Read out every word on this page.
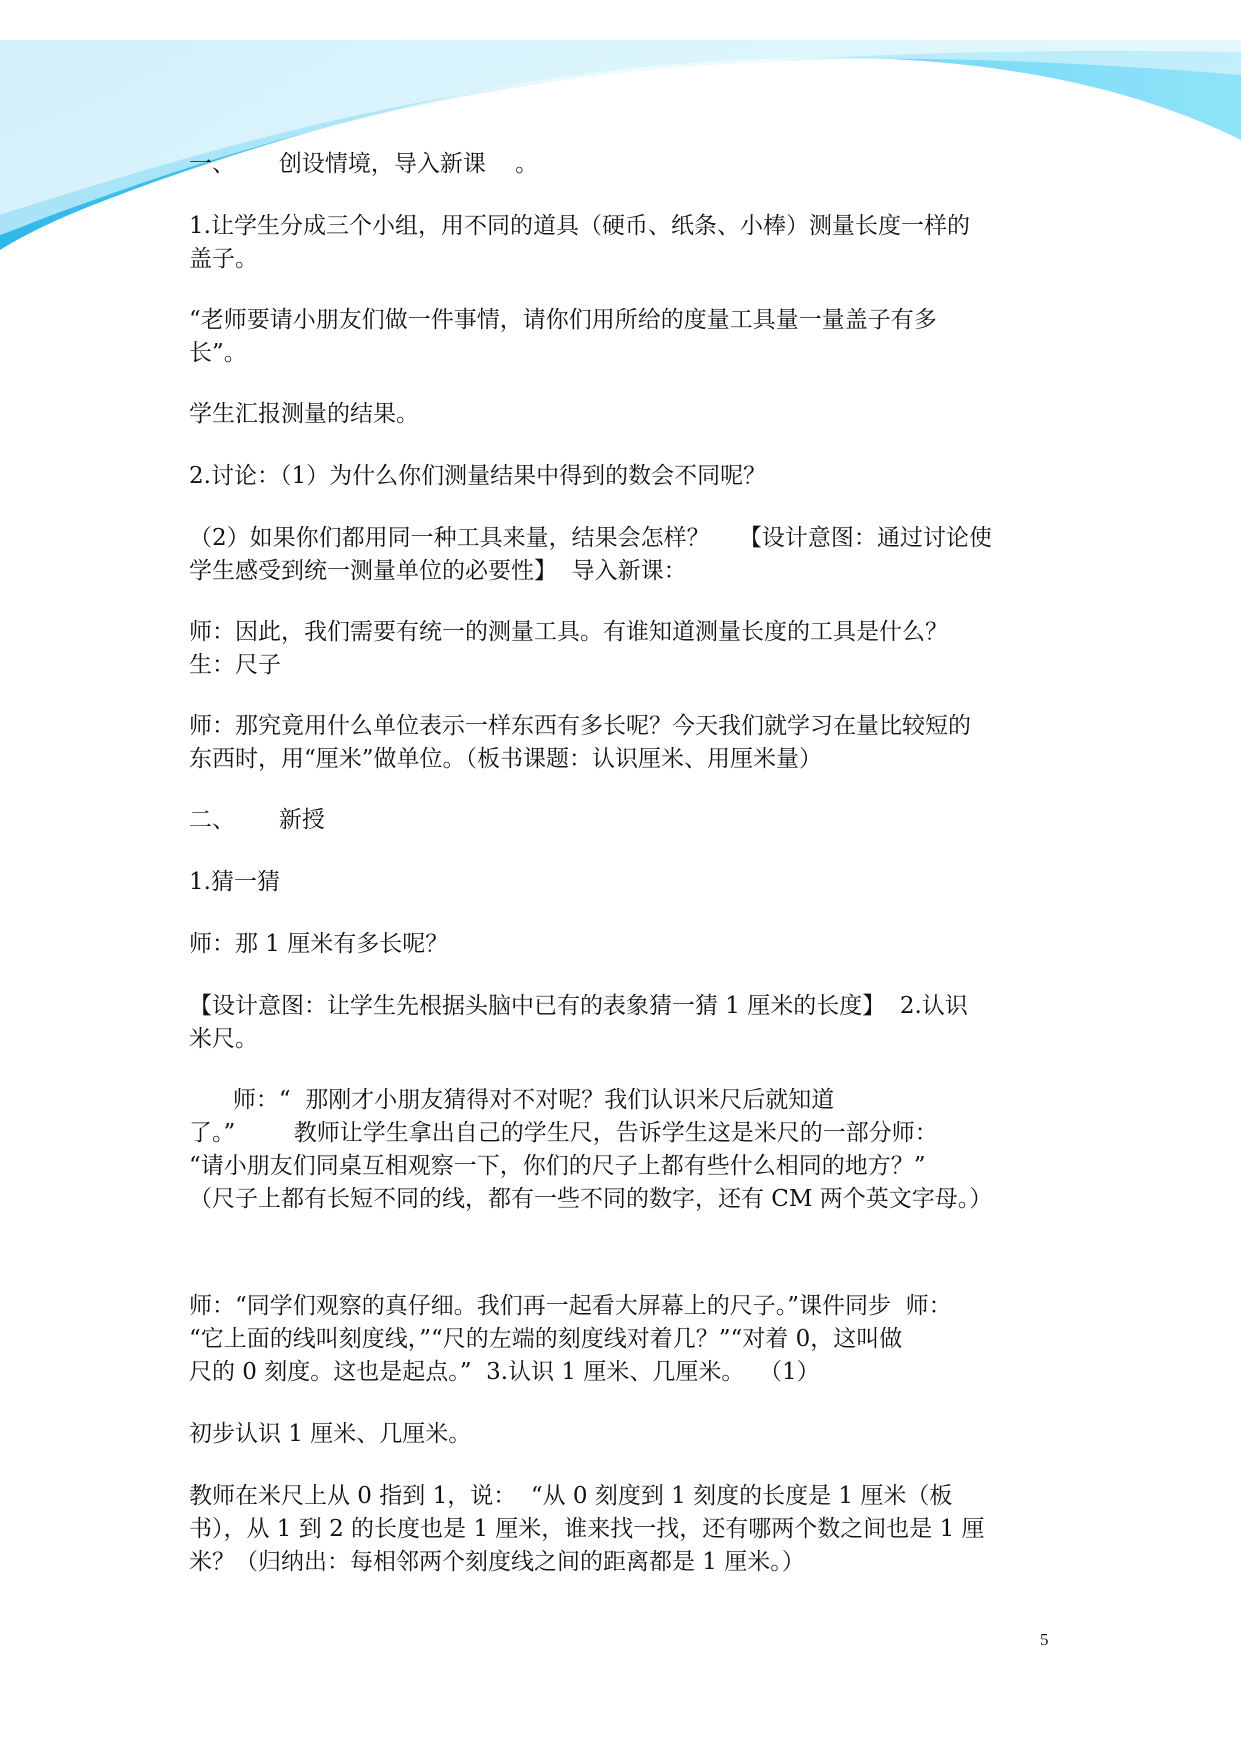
一、      创设情境，导入新课    。

1.让学生分成三个小组，用不同的道具（硬币、纸条、小棒）测量长度一样的
盖子。

“老师要请小朋友们做一件事情，请你们用所给的度量工具量一量盖子有多
长”。

学生汇报测量的结果。

2.讨论：（1）为什么你们测量结果中得到的数会不同呢？

（2）如果你们都用同一种工具来量，结果会怎样？    【设计意图：通过讨论使
学生感受到统一测量单位的必要性】  导入新课：

师：因此，我们需要有统一的测量工具。有谁知道测量长度的工具是什么？
生：尺子

师：那究竟用什么单位表示一样东西有多长呢？今天我们就学习在量比较短的
东西时，用“厘米”做单位。（板书课题：认识厘米、用厘米量）

二、      新授

1.猜一猜

师：那 1 厘米有多长呢？

【设计意图：让学生先根据头脑中已有的表象猜一猜 1 厘米的长度】  2.认识
米尺。

师：“  那刚才小朋友猜得对不对呢？我们认识米尺后就知道
了。”        教师让学生拿出自己的学生尺，告诉学生这是米尺的一部分师：
“请小朋友们同桌互相观察一下，你们的尺子上都有些什么相同的地方？”
（尺子上都有长短不同的线，都有一些不同的数字，还有 CM 两个英文字母。）

师：“同学们观察的真仔细。我们再一起看大屏幕上的尺子。”课件同步  师：
“它上面的线叫刻度线，”“尺的左端的刻度线对着几？”“对着 0，这叫做
尺的 0 刻度。这也是起点。”  3.认识 1 厘米、几厘米。  （1）

初步认识 1 厘米、几厘米。

教师在米尺上从 0 指到 1，说：  “从 0 刻度到 1 刻度的长度是 1 厘米（板
书），从 1 到 2 的长度也是 1 厘米，谁来找一找，还有哪两个数之间也是 1 厘
米？（归纳出：每相邻两个刻度线之间的距离都是 1 厘米。）

5
